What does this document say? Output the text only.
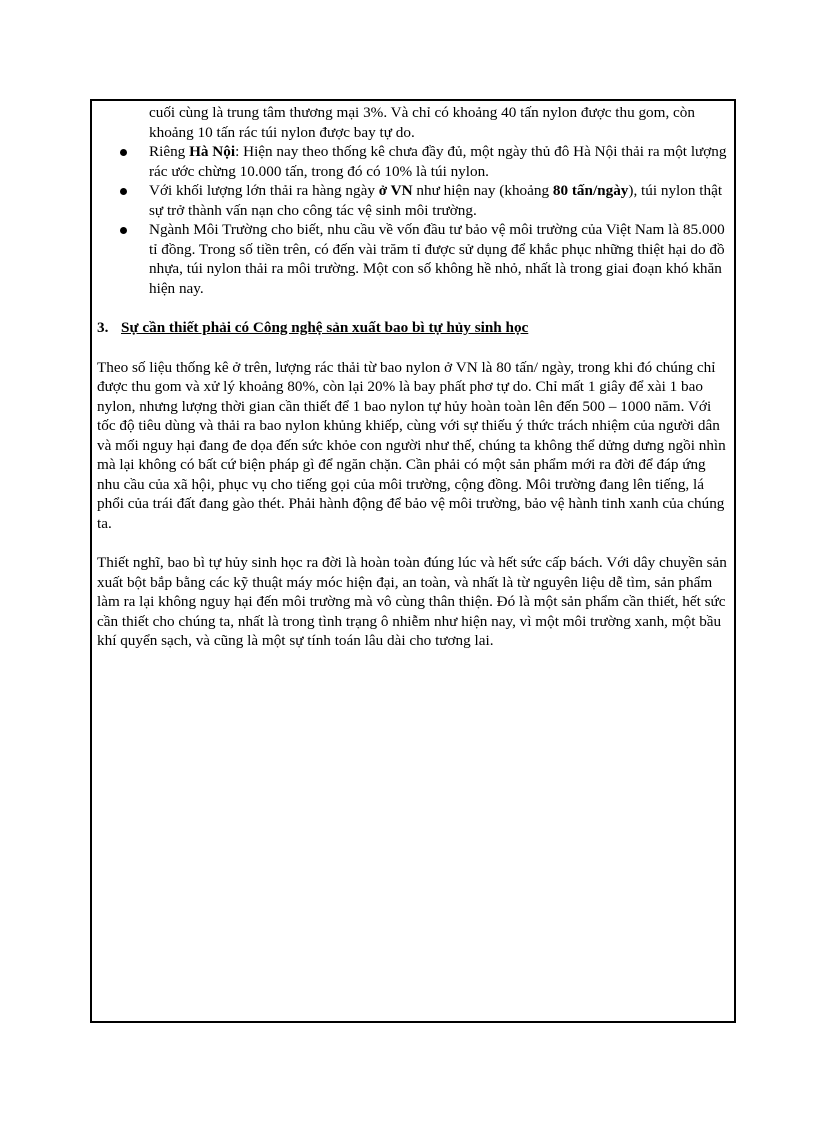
cuối cùng là trung tâm thương mại 3%. Và chỉ có khoảng 40 tấn nylon được thu gom, còn khoảng 10 tấn rác túi nylon được bay tự do.

Riêng Hà Nội: Hiện nay theo thống kê chưa đầy đủ, một ngày thủ đô Hà Nội thải ra một lượng rác ước chừng 10.000 tấn, trong đó có 10% là túi nylon.
Với khối lượng lớn thải ra hàng ngày ở VN như hiện nay (khoảng 80 tấn/ngày), túi nylon thật sự trở thành vấn nạn cho công tác vệ sinh môi trường.
Ngành Môi Trường cho biết, nhu cầu về vốn đầu tư bảo vệ môi trường của Việt Nam là 85.000 tỉ đồng. Trong số tiền trên, có đến vài trăm tỉ được sử dụng để khắc phục những thiệt hại do đồ nhựa, túi nylon thải ra môi trường. Một con số không hề nhỏ, nhất là trong giai đoạn khó khăn hiện nay.
3. Sự cần thiết phải có Công nghệ sản xuất bao bì tự hủy sinh học

Theo số liệu thống kê ở trên, lượng rác thải từ bao nylon ở VN là 80 tấn/ ngày, trong khi đó chúng chỉ được thu gom và xử lý khoảng 80%, còn lại 20% là bay phất phơ tự do. Chỉ mất 1 giây để xài 1 bao nylon, nhưng lượng thời gian cần thiết để 1 bao nylon tự hủy hoàn toàn lên đến 500 – 1000 năm. Với tốc độ tiêu dùng và thải ra bao nylon khủng khiếp, cùng với sự thiếu ý thức trách nhiệm của người dân và mối nguy hại đang đe dọa đến sức khỏe con người như thế, chúng ta không thể dửng dưng ngồi nhìn mà lại không có bất cứ biện pháp gì để ngăn chặn. Cần phải có một sản phẩm mới ra đời để đáp ứng nhu cầu của xã hội, phục vụ cho tiếng gọi của môi trường, cộng đồng. Môi trường đang lên tiếng, lá phổi của trái đất đang gào thét. Phải hành động để bảo vệ môi trường, bảo vệ hành tinh xanh của chúng ta.

Thiết nghĩ, bao bì tự hủy sinh học ra đời là hoàn toàn đúng lúc và hết sức cấp bách. Với dây chuyền sản xuất bột bắp bằng các kỹ thuật máy móc hiện đại, an toàn, và nhất là từ nguyên liệu dễ tìm, sản phẩm làm ra lại không nguy hại đến môi trường mà vô cùng thân thiện. Đó là một sản phẩm cần thiết, hết sức cần thiết cho chúng ta, nhất là trong tình trạng ô nhiễm như hiện nay, vì một môi trường xanh, một bầu khí quyển sạch, và cũng là một sự tính toán lâu dài cho tương lai.
